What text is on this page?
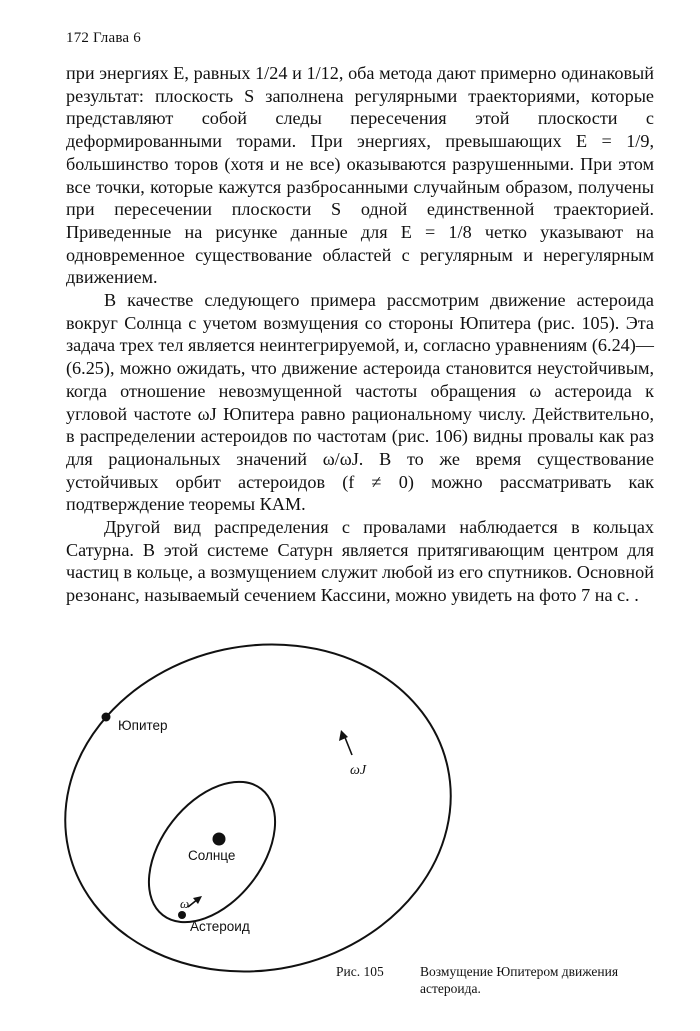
172 Глава 6

при энергиях E, равных 1/24 и 1/12, оба метода дают примерно одинаковый результат: плоскость S заполнена регулярными траекториями, которые представляют собой следы пересечения этой плоскости с деформированными торами. При энергиях, превышающих E = 1/9, большинство торов (хотя и не все) оказываются разрушенными. При этом все точки, которые кажутся разбросанными случайным образом, получены при пересечении плоскости S одной единственной траекторией. Приведенные на рисунке данные для E = 1/8 четко указывают на одновременное существование областей с регулярным и нерегулярным движением.

В качестве следующего примера рассмотрим движение астероида вокруг Солнца с учетом возмущения со стороны Юпитера (рис. 105). Эта задача трех тел является неинтегрируемой, и, согласно уравнениям (6.24)—(6.25), можно ожидать, что движение астероида становится неустойчивым, когда отношение невозмущенной частоты обращения ω астероида к угловой частоте ωJ Юпитера равно рациональному числу. Действительно, в распределении астероидов по частотам (рис. 106) видны провалы как раз для рациональных значений ω/ωJ. В то же время существование устойчивых орбит астероидов (f ≠ 0) можно рассматривать как подтверждение теоремы КАМ.

Другой вид распределения с провалами наблюдается в кольцах Сатурна. В этой системе Сатурн является притягивающим центром для частиц в кольце, а возмущением служит любой из его спутников. Основной резонанс, называемый сечением Кассини, можно увидеть на фото 7 на с. .

Юпитер
Солнце
Астероид
ωJ
ω
Рис. 105	Возмущение Юпитером движения астероида.
